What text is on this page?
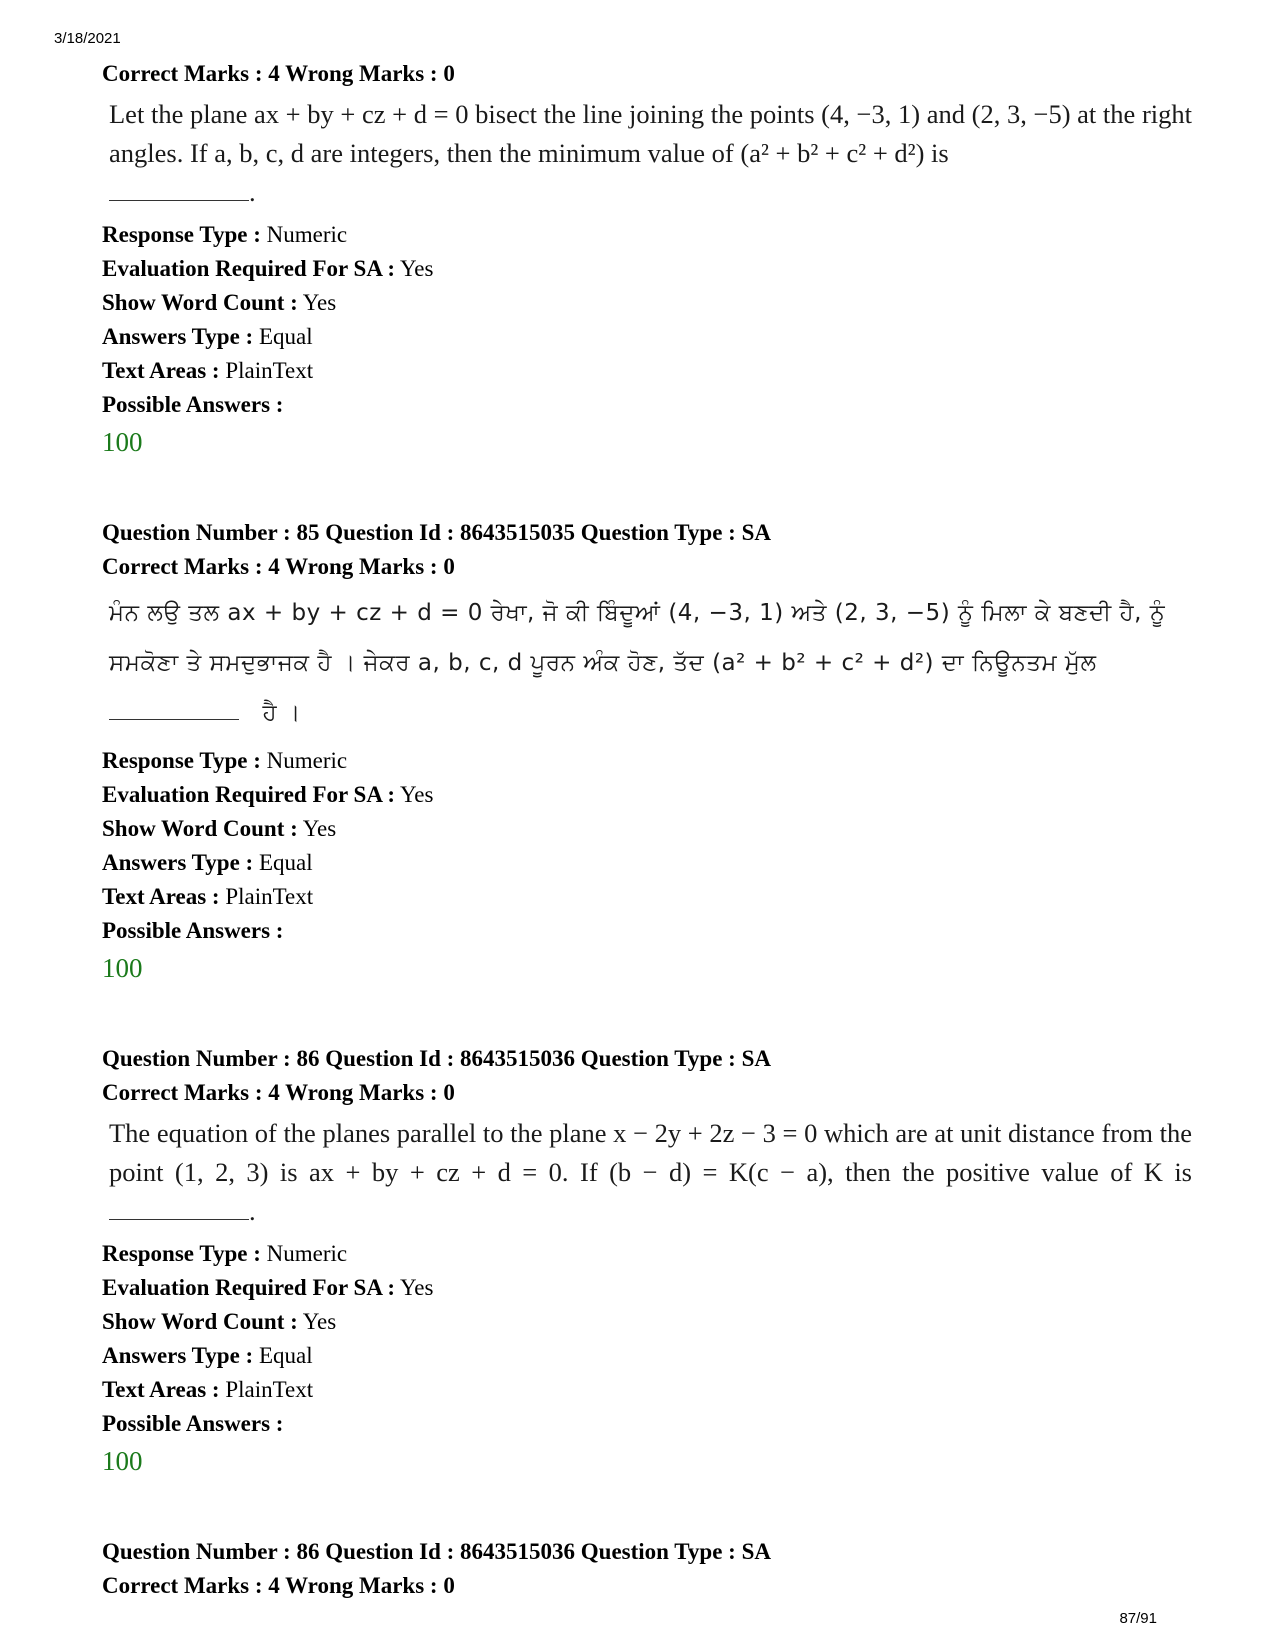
3/18/2021
Correct Marks : 4 Wrong Marks : 0
Let the plane ax + by + cz + d = 0 bisect the line joining the points (4, −3, 1) and (2, 3, −5) at the right angles. If a, b, c, d are integers, then the minimum value of (a² + b² + c² + d²) is
.
Response Type : Numeric
Evaluation Required For SA : Yes
Show Word Count : Yes
Answers Type : Equal
Text Areas : PlainText
Possible Answers :
100
Question Number : 85 Question Id : 8643515035 Question Type : SA
Correct Marks : 4 Wrong Marks : 0
ਮੰਨ ਲਉ ਤਲ ax + by + cz + d = 0 ਰੇਖਾ, ਜੋ ਕੀ ਬਿੰਦੂਆਂ (4, −3, 1) ਅਤੇ (2, 3, −5) ਨੂੰ ਮਿਲਾ ਕੇ ਬਣਦੀ ਹੈ, ਨੂੰ
ਸਮਕੋਣਾ ਤੇ ਸਮਦੁਭਾਜਕ ਹੈ । ਜੇਕਰ a, b, c, d ਪੂਰਨ ਅੰਕ ਹੋਣ, ਤੱਦ (a² + b² + c² + d²) ਦਾ ਨਿਊਨਤਮ ਮੁੱਲ
ਹੈ ।
Response Type : Numeric
Evaluation Required For SA : Yes
Show Word Count : Yes
Answers Type : Equal
Text Areas : PlainText
Possible Answers :
100
Question Number : 86 Question Id : 8643515036 Question Type : SA
Correct Marks : 4 Wrong Marks : 0
The equation of the planes parallel to the plane x − 2y + 2z − 3 = 0 which are at unit distance from the point (1, 2, 3) is ax + by + cz + d = 0. If (b − d) = K(c − a), then the positive value of K is .
Response Type : Numeric
Evaluation Required For SA : Yes
Show Word Count : Yes
Answers Type : Equal
Text Areas : PlainText
Possible Answers :
100
Question Number : 86 Question Id : 8643515036 Question Type : SA
Correct Marks : 4 Wrong Marks : 0
87/91
